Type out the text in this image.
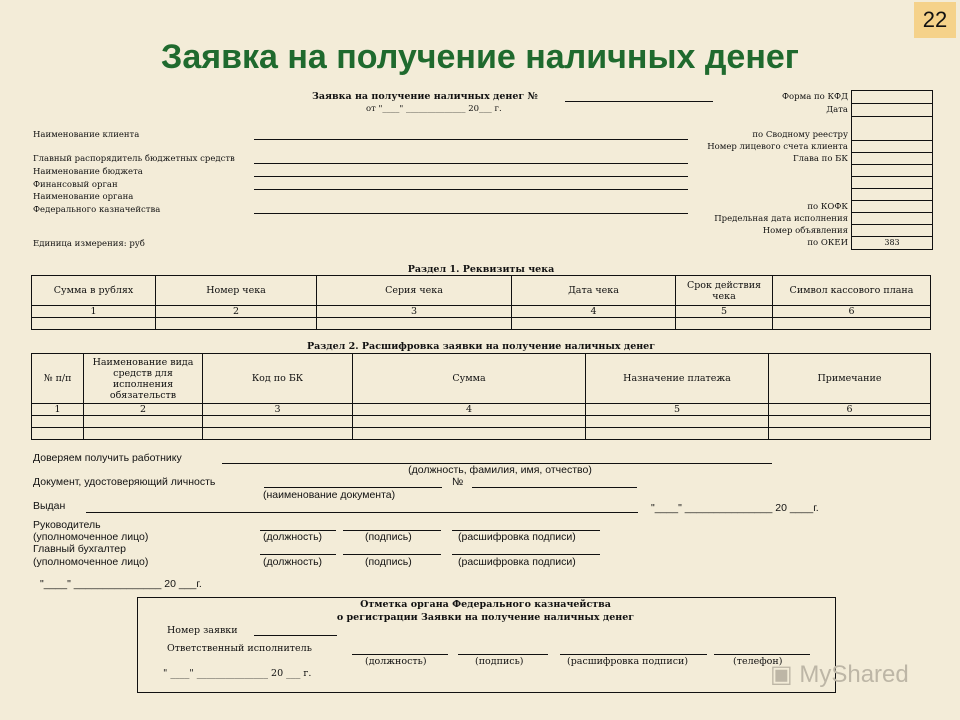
Заявка на получение наличных денег
22
Заявка на получение наличных денег №
от "____" ______________ 20___ г.
Наименование клиента
Главный распорядитель бюджетных средств
Наименование бюджета
Финансовый орган
Наименование органа
Федерального казначейства
Единица измерения: руб
Форма по КФД
Дата
по Сводному реестру
Номер лицевого счета клиента
Глава по БК
по КОФК
Предельная дата исполнения
Номер объявления
по ОКЕИ	383
Раздел 1. Реквизиты чека
Сумма в рублях	Номер чека	Серия чека	Дата чека	Срок действия чека	Символ кассового плана
1	2	3	4	5	6

Раздел 2. Расшифровка заявки на получение наличных денег
№ п/п	Наименование вида средств для исполнения обязательств	Код по БК	Сумма	Назначение платежа	Примечание
1	2	3	4	5	6

Доверяем получить работнику
(должность, фамилия, имя, отчество)
Документ, удостоверяющий личность	№
(наименование документа)
Выдан	"____" _______________ 20 ____г.
Руководитель
(уполномоченное лицо)	(должность)	(подпись)	(расшифровка подписи)
Главный бухгалтер
(уполномоченное лицо)	(должность)	(подпись)	(расшифровка подписи)
"____" _______________ 20 ___г.
Отметка органа Федерального казначейства
о регистрации Заявки на получение наличных денег
Номер заявки
Ответственный исполнитель
(должность)	(подпись)	(расшифровка подписи)	(телефон)
" ____" _______________ 20 ___ г.	▣ MyShared
